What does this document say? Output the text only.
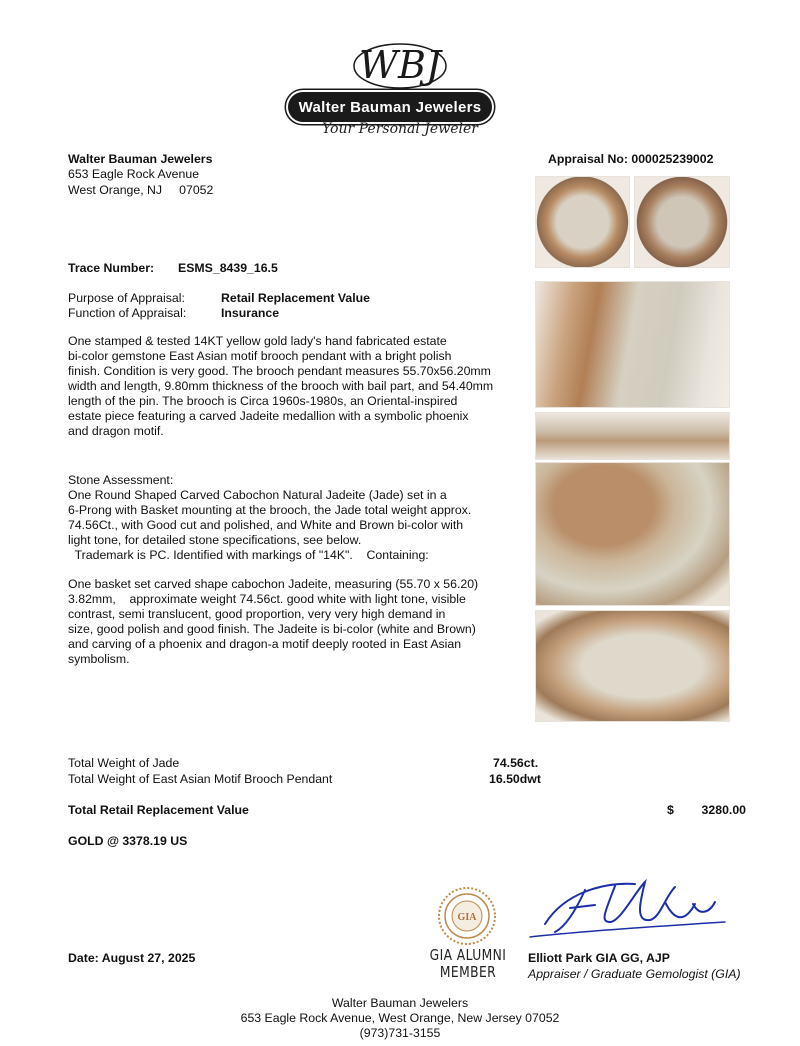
WBJ
Walter Bauman Jewelers
Your Personal Jeweler
Walter Bauman Jewelers
653 Eagle Rock Avenue
West Orange, NJ     07052
Appraisal No: 000025239002
Trace Number: ESMS_8439_16.5
Purpose of Appraisal:	Retail Replacement Value
Function of Appraisal:	Insurance
One stamped & tested 14KT yellow gold lady's hand fabricated estate
bi-color gemstone East Asian motif brooch pendant with a bright polish
finish. Condition is very good. The brooch pendant measures 55.70x56.20mm
width and length, 9.80mm thickness of the brooch with bail part, and 54.40mm
length of the pin. The brooch is Circa 1960s-1980s, an Oriental-inspired
estate piece featuring a carved Jadeite medallion with a symbolic phoenix
and dragon motif.
Stone Assessment:
One Round Shaped Carved Cabochon Natural Jadeite (Jade) set in a
6-Prong with Basket mounting at the brooch, the Jade total weight approx.
74.56Ct., with Good cut and polished, and White and Brown bi-color with
light tone, for detailed stone specifications, see below.
Trademark is PC. Identified with markings of "14K".    Containing:
One basket set carved shape cabochon Jadeite, measuring (55.70 x 56.20)
3.82mm,    approximate weight 74.56ct. good white with light tone, visible
contrast, semi translucent, good proportion, very very high demand in
size, good polish and good finish. The Jadeite is bi-color (white and Brown)
and carving of a phoenix and dragon-a motif deeply rooted in East Asian
symbolism.
Total Weight of Jade	74.56ct.
Total Weight of East Asian Motif Brooch Pendant	16.50dwt
Total Retail Replacement Value	$	3280.00
GOLD @ 3378.19 US
Date: August 27, 2025
GIA
GIA ALUMNI
MEMBER
Elliott Park GIA GG, AJP
Appraiser / Graduate Gemologist (GIA)
Walter Bauman Jewelers
653 Eagle Rock Avenue, West Orange, New Jersey 07052
(973)731-3155
